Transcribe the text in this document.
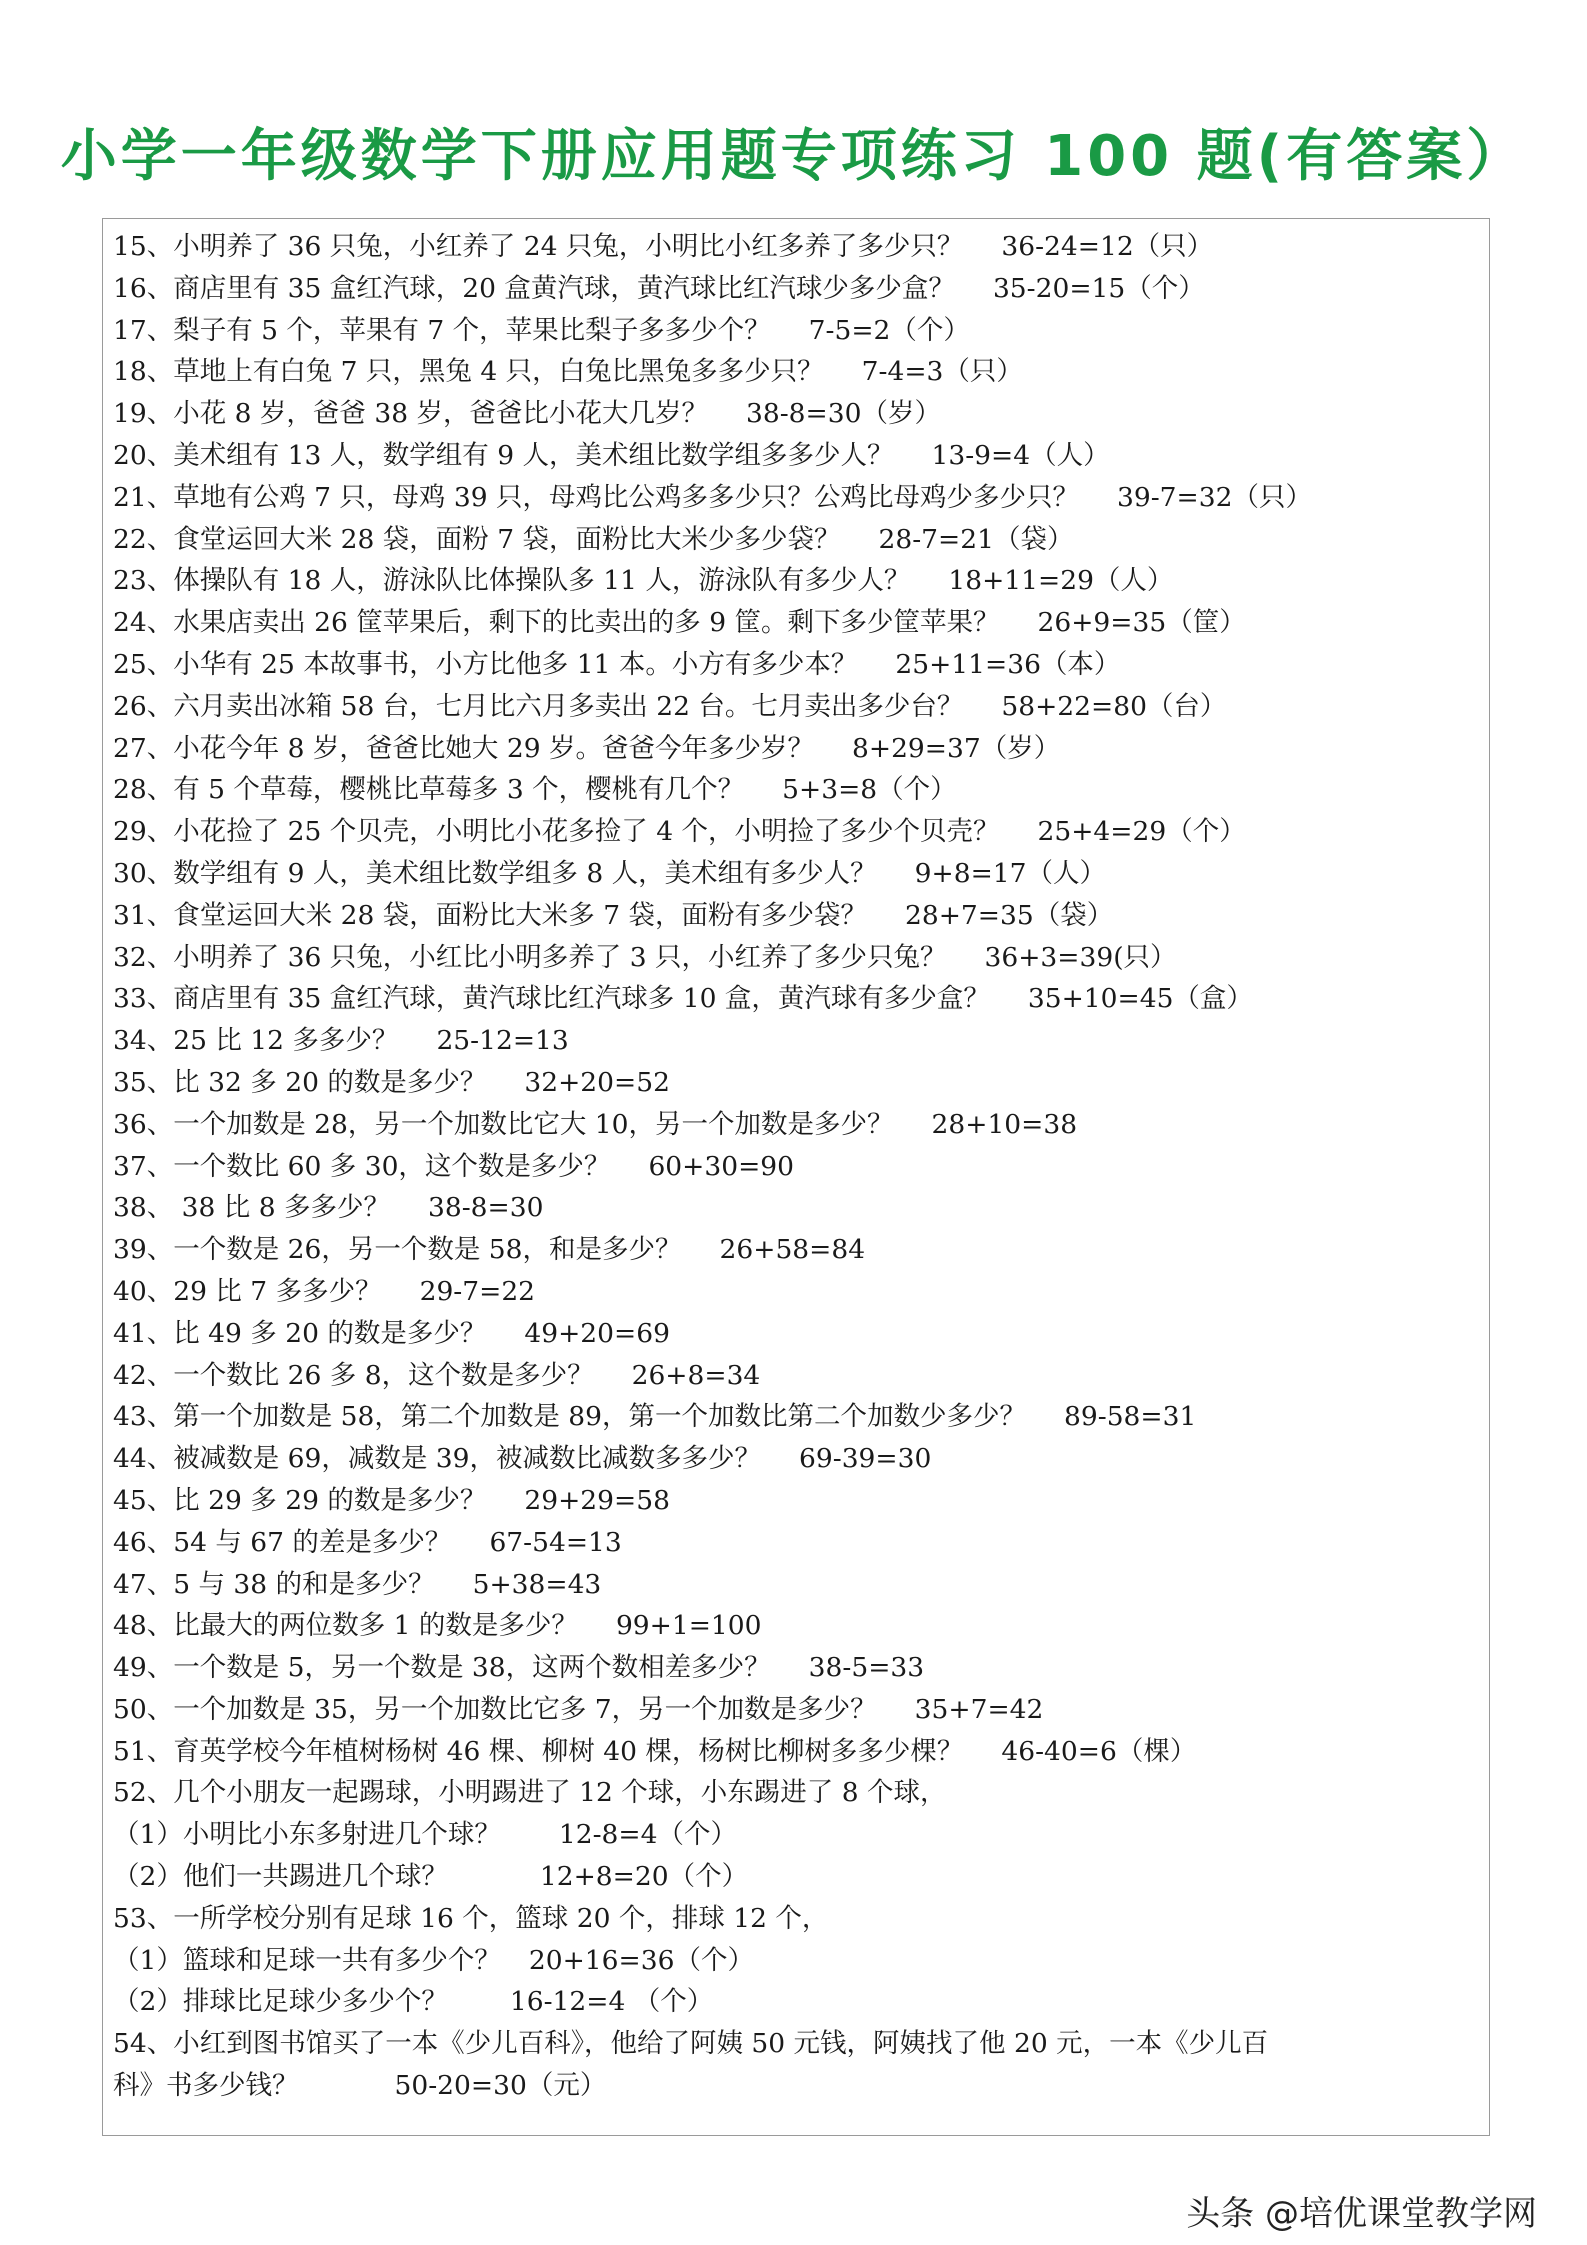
小学一年级数学下册应用题专项练习 100 题(有答案）
15、小明养了 36 只兔，小红养了 24 只兔，小明比小红多养了多少只？	36-24=12（只）
16、商店里有 35 盒红汽球，20 盒黄汽球，黄汽球比红汽球少多少盒？	35-20=15（个）
17、梨子有 5 个，苹果有 7 个，苹果比梨子多多少个？	7-5=2（个）
18、草地上有白兔 7 只，黑兔 4 只，白兔比黑兔多多少只？	7-4=3（只）
19、小花 8 岁，爸爸 38 岁，爸爸比小花大几岁？	38-8=30（岁）
20、美术组有 13 人，数学组有 9 人，美术组比数学组多多少人？	13-9=4（人）
21、草地有公鸡 7 只，母鸡 39 只，母鸡比公鸡多多少只？公鸡比母鸡少多少只？	39-7=32（只）
22、食堂运回大米 28 袋，面粉 7 袋，面粉比大米少多少袋？	28-7=21（袋）
23、体操队有 18 人，游泳队比体操队多 11 人，游泳队有多少人？	18+11=29（人）
24、水果店卖出 26 筐苹果后，剩下的比卖出的多 9 筐。剩下多少筐苹果？	26+9=35（筐）
25、小华有 25 本故事书，小方比他多 11 本。小方有多少本？	25+11=36（本）
26、六月卖出冰箱 58 台，七月比六月多卖出 22 台。七月卖出多少台？	58+22=80（台）
27、小花今年 8 岁，爸爸比她大 29 岁。爸爸今年多少岁？	8+29=37（岁）
28、有 5 个草莓，樱桃比草莓多 3 个，樱桃有几个？	5+3=8（个）
29、小花捡了 25 个贝壳，小明比小花多捡了 4 个，小明捡了多少个贝壳？	25+4=29（个）
30、数学组有 9 人，美术组比数学组多 8 人，美术组有多少人？	9+8=17（人）
31、食堂运回大米 28 袋，面粉比大米多 7 袋，面粉有多少袋？	28+7=35（袋）
32、小明养了 36 只兔，小红比小明多养了 3 只，小红养了多少只兔？	36+3=39(只）
33、商店里有 35 盒红汽球，黄汽球比红汽球多 10 盒，黄汽球有多少盒？	35+10=45（盒）
34、25 比 12 多多少？	25-12=13
35、比 32 多 20 的数是多少？	32+20=52
36、一个加数是 28，另一个加数比它大 10，另一个加数是多少？	28+10=38
37、一个数比 60 多 30，这个数是多少？	60+30=90
38、 38 比 8 多多少？	38-8=30
39、一个数是 26，另一个数是 58，和是多少？	26+58=84
40、29 比 7 多多少？	29-7=22
41、比 49 多 20 的数是多少？	49+20=69
42、一个数比 26 多 8，这个数是多少？	26+8=34
43、第一个加数是 58，第二个加数是 89，第一个加数比第二个加数少多少？	89-58=31
44、被减数是 69，减数是 39，被减数比减数多多少？	69-39=30
45、比 29 多 29 的数是多少？	29+29=58
46、54 与 67 的差是多少？	67-54=13
47、5 与 38 的和是多少？	5+38=43
48、比最大的两位数多 1 的数是多少？	99+1=100
49、一个数是 5，另一个数是 38，这两个数相差多少？	38-5=33
50、一个加数是 35，另一个加数比它多 7，另一个加数是多少？	35+7=42
51、育英学校今年植树杨树 46 棵、柳树 40 棵，杨树比柳树多多少棵？	46-40=6（棵）
52、几个小朋友一起踢球，小明踢进了 12 个球，小东踢进了 8 个球，
（1）小明比小东多射进几个球？	12-8=4（个）
（2）他们一共踢进几个球？	12+8=20（个）
53、一所学校分别有足球 16 个，篮球 20 个，排球 12 个，
（1）篮球和足球一共有多少个？	20+16=36（个）
（2）排球比足球少多少个？	16-12=4 （个）
54、小红到图书馆买了一本《少儿百科》，他给了阿姨 50 元钱，阿姨找了他 20 元，一本《少儿百
科》书多少钱？	50-20=30（元）
头条 @培优课堂教学网
